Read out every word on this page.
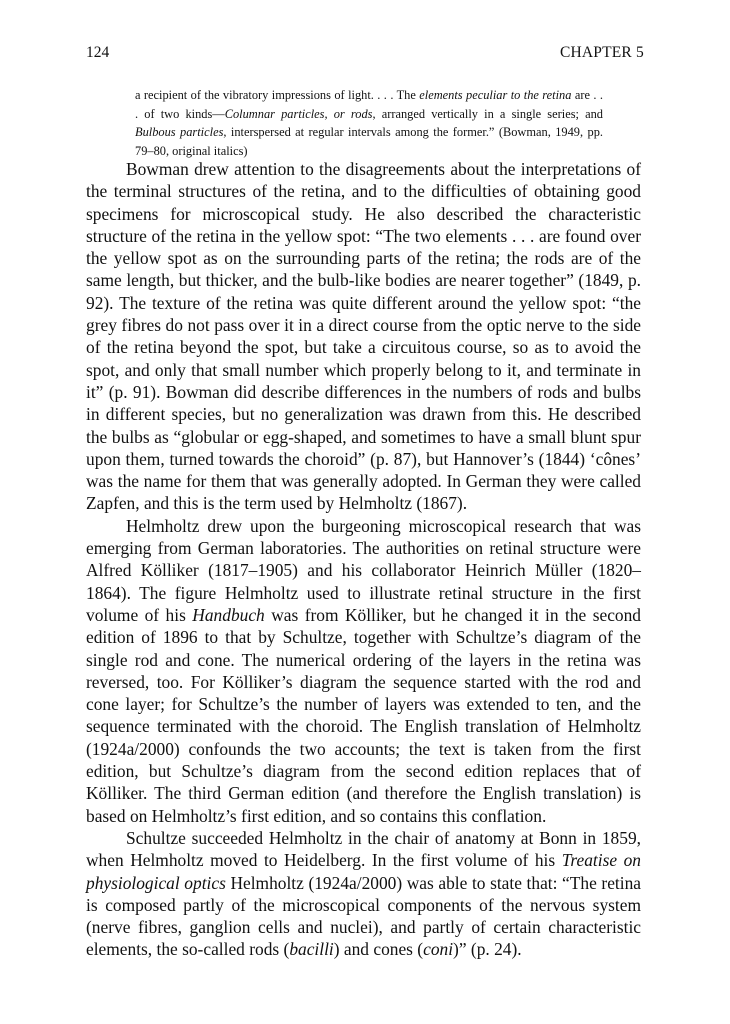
124	CHAPTER 5
a recipient of the vibratory impressions of light. . . . The elements peculiar to the retina are . . . of two kinds—Columnar particles, or rods, arranged vertically in a single series; and Bulbous particles, interspersed at regular intervals among the former.” (Bowman, 1949, pp. 79–80, original italics)

Bowman drew attention to the disagreements about the interpretations of the terminal structures of the retina, and to the difficulties of obtaining good specimens for microscopical study. He also described the characteristic structure of the retina in the yellow spot: “The two elements . . . are found over the yellow spot as on the surrounding parts of the retina; the rods are of the same length, but thicker, and the bulb-like bodies are nearer together” (1849, p. 92). The texture of the retina was quite different around the yellow spot: “the grey fibres do not pass over it in a direct course from the optic nerve to the side of the retina beyond the spot, but take a circuitous course, so as to avoid the spot, and only that small number which properly belong to it, and terminate in it” (p. 91). Bowman did describe differences in the numbers of rods and bulbs in different species, but no generalization was drawn from this. He described the bulbs as “globular or egg-shaped, and sometimes to have a small blunt spur upon them, turned towards the choroid” (p. 87), but Hannover’s (1844) ‘cônes’ was the name for them that was generally adopted. In German they were called Zapfen, and this is the term used by Helmholtz (1867).

Helmholtz drew upon the burgeoning microscopical research that was emerging from German laboratories. The authorities on retinal structure were Alfred Kölliker (1817–1905) and his collaborator Heinrich Müller (1820–1864). The figure Helmholtz used to illustrate retinal structure in the first volume of his Handbuch was from Kölliker, but he changed it in the second edition of 1896 to that by Schultze, together with Schultze’s diagram of the single rod and cone. The numerical ordering of the layers in the retina was reversed, too. For Kölliker’s diagram the sequence started with the rod and cone layer; for Schultze’s the number of layers was extended to ten, and the sequence terminated with the choroid. The English translation of Helmholtz (1924a/2000) confounds the two accounts; the text is taken from the first edition, but Schultze’s diagram from the second edition replaces that of Kölliker. The third German edition (and therefore the English translation) is based on Helmholtz’s first edition, and so contains this conflation.

Schultze succeeded Helmholtz in the chair of anatomy at Bonn in 1859, when Helmholtz moved to Heidelberg. In the first volume of his Treatise on physiological optics Helmholtz (1924a/2000) was able to state that: “The retina is composed partly of the microscopical components of the nervous system (nerve fibres, ganglion cells and nuclei), and partly of certain characteristic elements, the so-called rods (bacilli) and cones (coni)” (p. 24).
